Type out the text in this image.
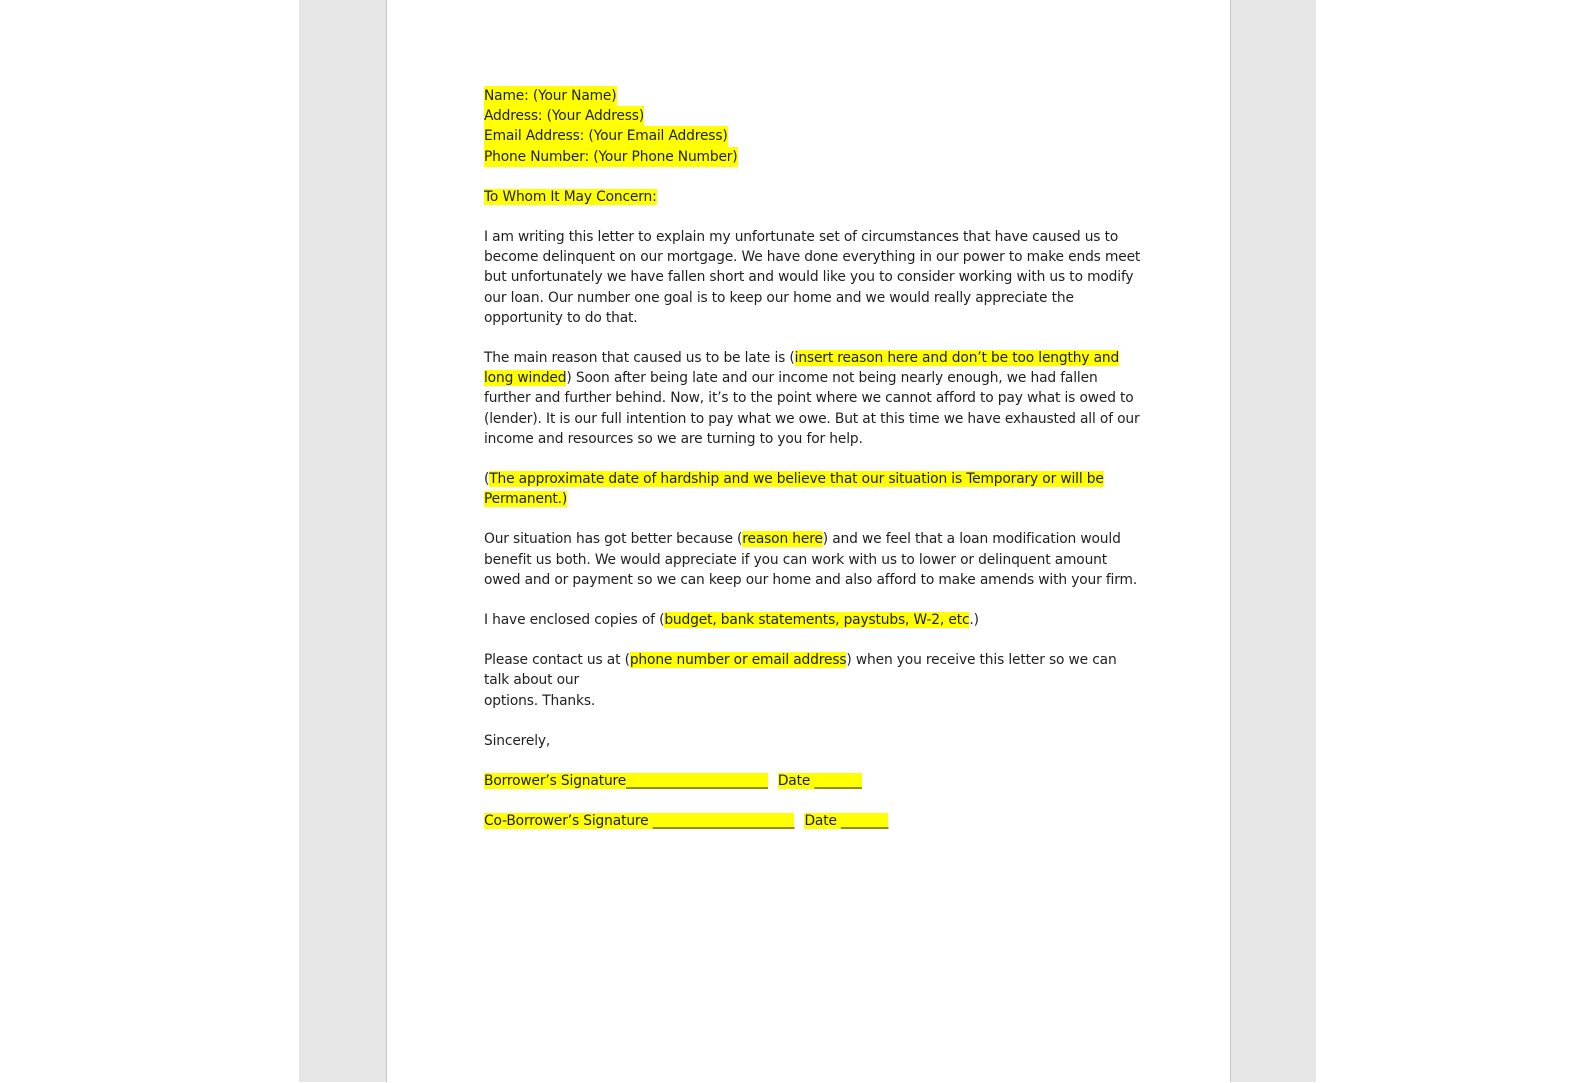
Name: (Your Name)
Address: (Your Address)
Email Address: (Your Email Address)
Phone Number: (Your Phone Number)

To Whom It May Concern:

I am writing this letter to explain my unfortunate set of circumstances that have caused us to become delinquent on our mortgage. We have done everything in our power to make ends meet but unfortunately we have fallen short and would like you to consider working with us to modify our loan. Our number one goal is to keep our home and we would really appreciate the opportunity to do that.

The main reason that caused us to be late is (insert reason here and don’t be too lengthy and long winded) Soon after being late and our income not being nearly enough, we had fallen further and further behind. Now, it’s to the point where we cannot afford to pay what is owed to (lender). It is our full intention to pay what we owe. But at this time we have exhausted all of our income and resources so we are turning to you for help.

(The approximate date of hardship and we believe that our situation is Temporary or will be Permanent.)

Our situation has got better because (reason here) and we feel that a loan modification would benefit us both. We would appreciate if you can work with us to lower or delinquent amount owed and or payment so we can keep our home and also afford to make amends with your firm.

I have enclosed copies of (budget, bank statements, paystubs, W-2, etc.)

Please contact us at (phone number or email address) when you receive this letter so we can talk about our
options. Thanks.

Sincerely,

Borrower’s Signature_____________________ Date _______

Co-Borrower’s Signature _____________________ Date _______
